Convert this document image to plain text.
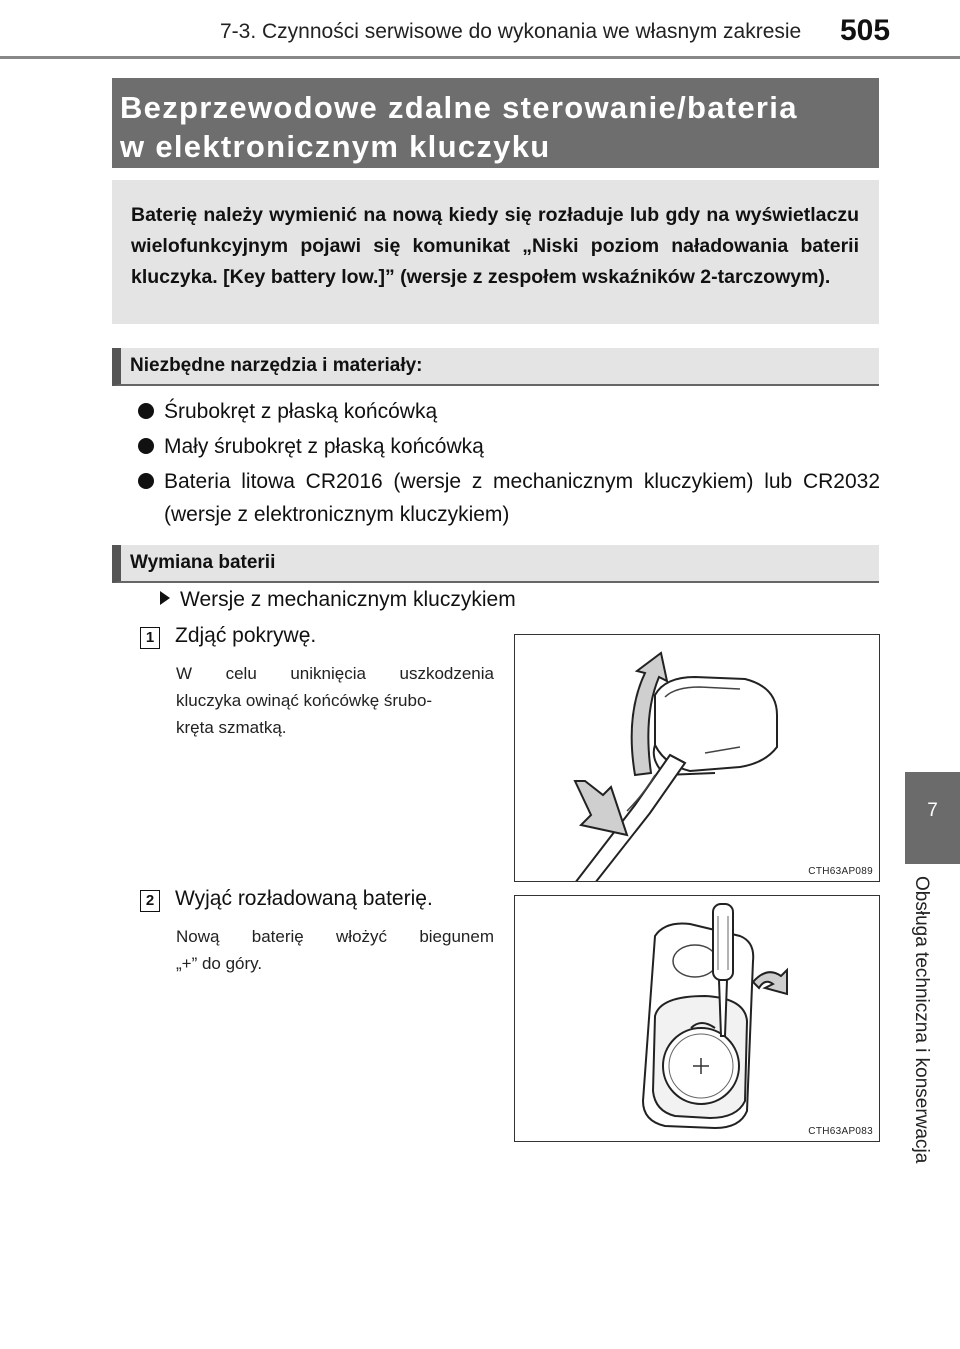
7-3. Czynności serwisowe do wykonania we własnym zakresie 505
Bezprzewodowe zdalne sterowanie/bateria
w elektronicznym kluczyku
Baterię należy wymienić na nową kiedy się rozładuje lub gdy na wyświetlaczu wielofunkcyjnym pojawi się komunikat „Niski poziom naładowania baterii kluczyka. [Key battery low.]” (wersje z zespołem wskaźników 2-tarczowym).
Niezbędne narzędzia i materiały:
Śrubokręt z płaską końcówką
Mały śrubokręt z płaską końcówką
Bateria litowa CR2016 (wersje z mechanicznym kluczykiem) lub CR2032 (wersje z elektronicznym kluczykiem)
Wymiana baterii
Wersje z mechanicznym kluczykiem
1 Zdjąć pokrywę.
W celu uniknięcia uszkodzenia
kluczyka owinąć końcówkę śrubo-
kręta szmatką.
CTH63AP089
2 Wyjąć rozładowaną baterię.
Nową baterię włożyć biegunem
„+” do góry.
CTH63AP083
7
Obsługa techniczna i konserwacja
